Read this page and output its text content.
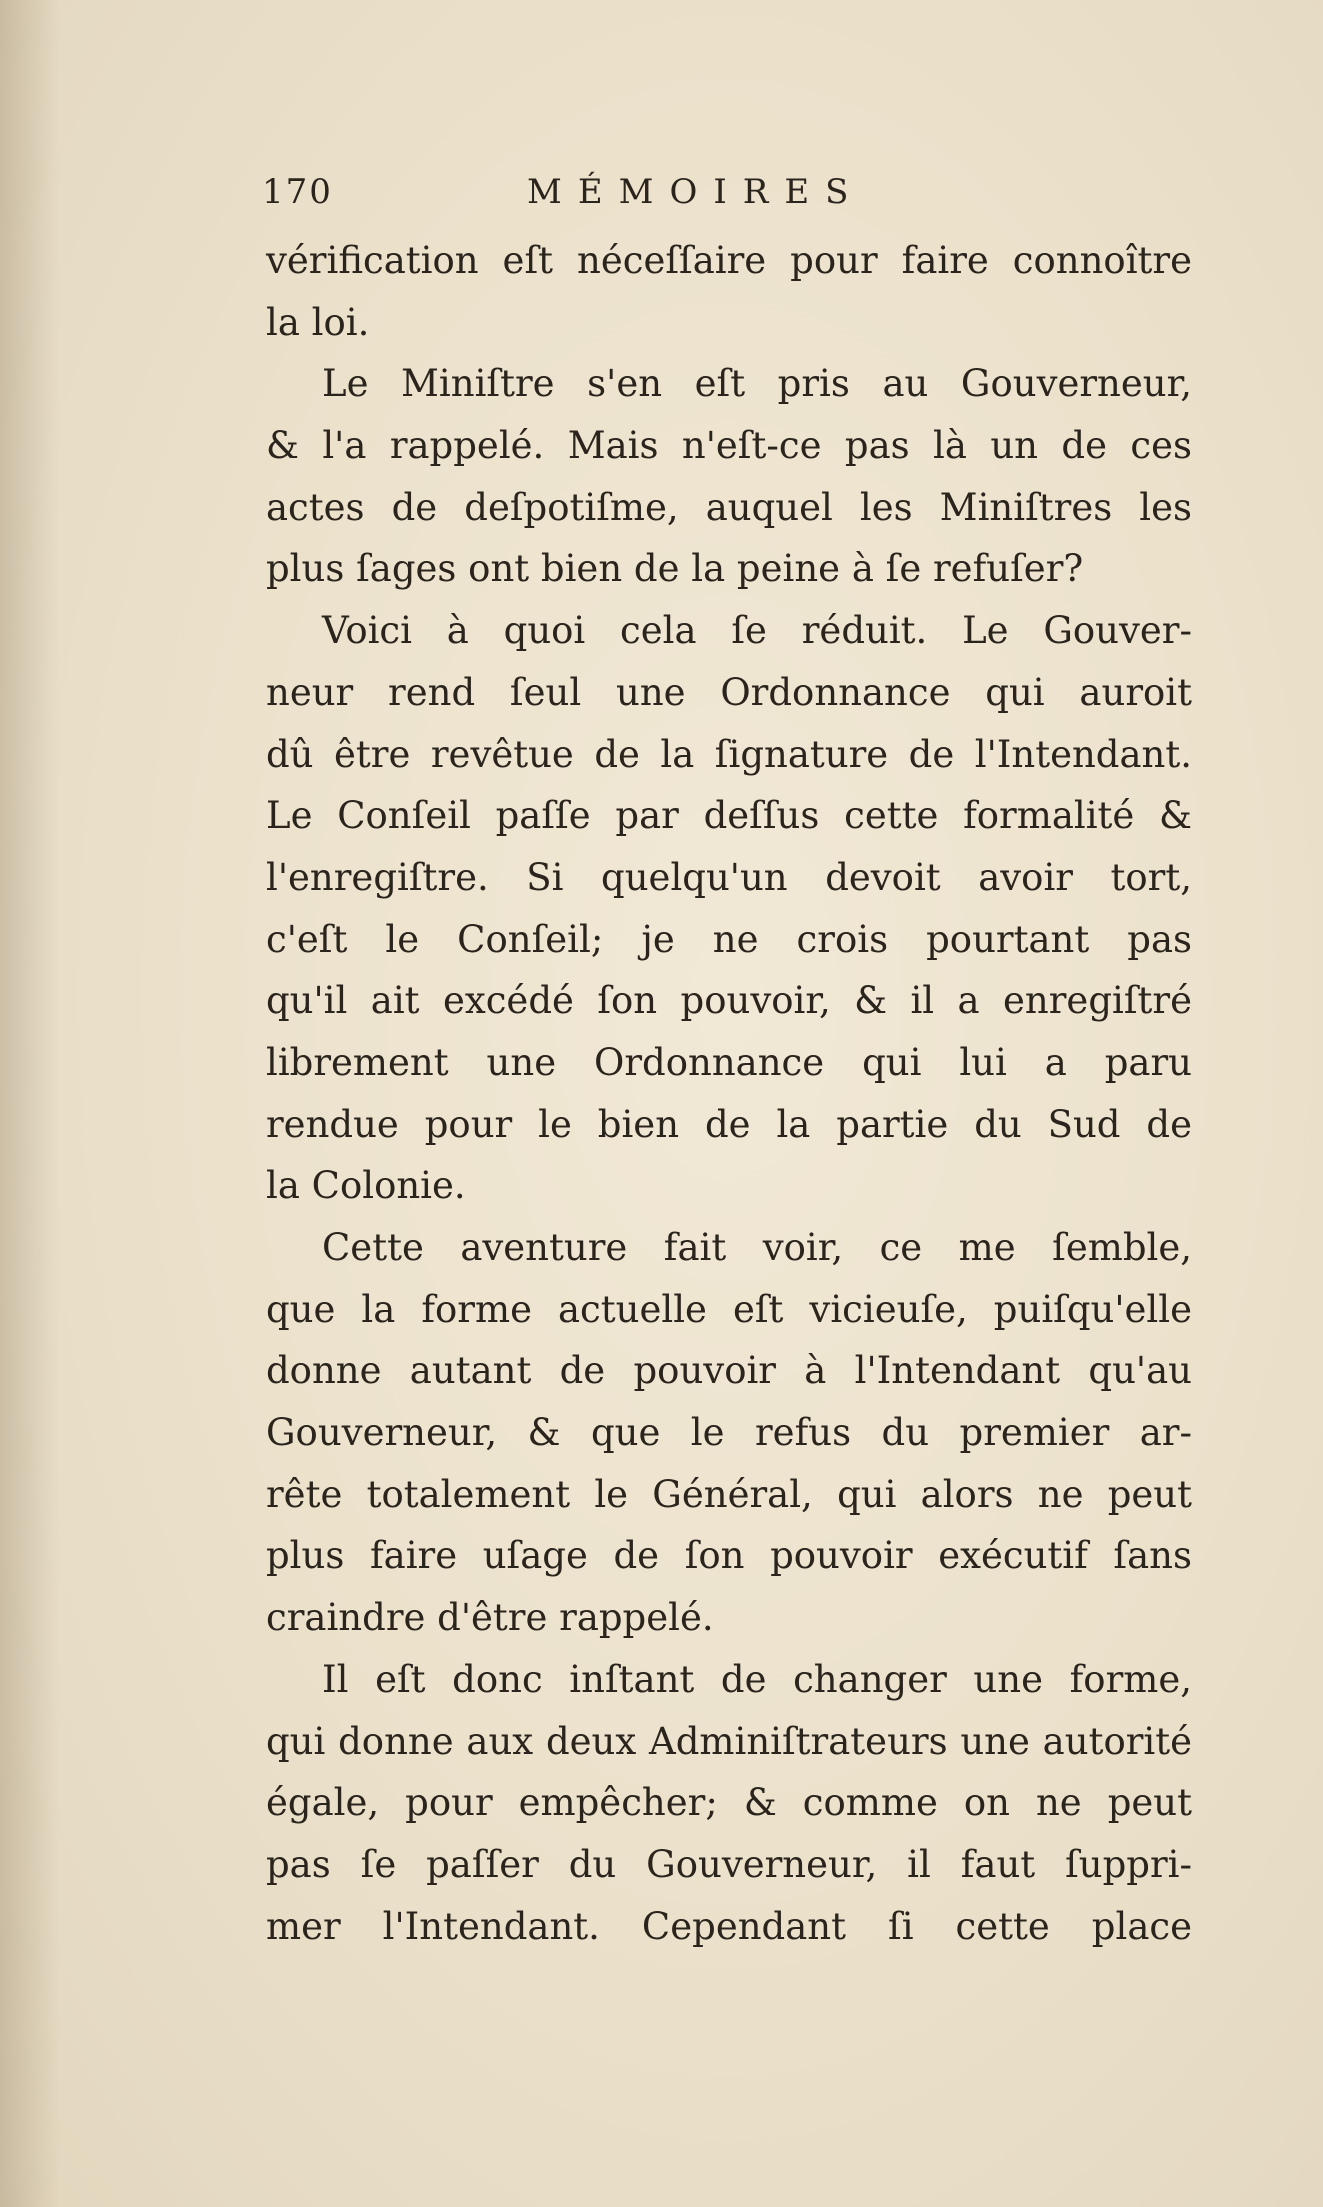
170	MÉMOIRES
vérification eſt néceſſaire pour faire connoître
la loi.
Le Miniſtre s'en eſt pris au Gouverneur,
& l'a rappelé. Mais n'eſt-ce pas là un de ces
actes de deſpotiſme, auquel les Miniſtres les
plus ſages ont bien de la peine à ſe refuſer?
Voici à quoi cela ſe réduit. Le Gouver-
neur rend ſeul une Ordonnance qui auroit
dû être revêtue de la ſignature de l'Intendant.
Le Conſeil paſſe par deſſus cette formalité &
l'enregiſtre. Si quelqu'un devoit avoir tort,
c'eſt le Conſeil; je ne crois pourtant pas
qu'il ait excédé ſon pouvoir, & il a enregiſtré
librement une Ordonnance qui lui a paru
rendue pour le bien de la partie du Sud de
la Colonie.
Cette aventure fait voir, ce me ſemble,
que la forme actuelle eſt vicieuſe, puiſqu'elle
donne autant de pouvoir à l'Intendant qu'au
Gouverneur, & que le refus du premier ar-
rête totalement le Général, qui alors ne peut
plus faire uſage de ſon pouvoir exécutif ſans
craindre d'être rappelé.
Il eſt donc inſtant de changer une forme,
qui donne aux deux Adminiſtrateurs une autorité
égale, pour empêcher; & comme on ne peut
pas ſe paſſer du Gouverneur, il faut ſuppri-
mer l'Intendant. Cependant ſi cette place
